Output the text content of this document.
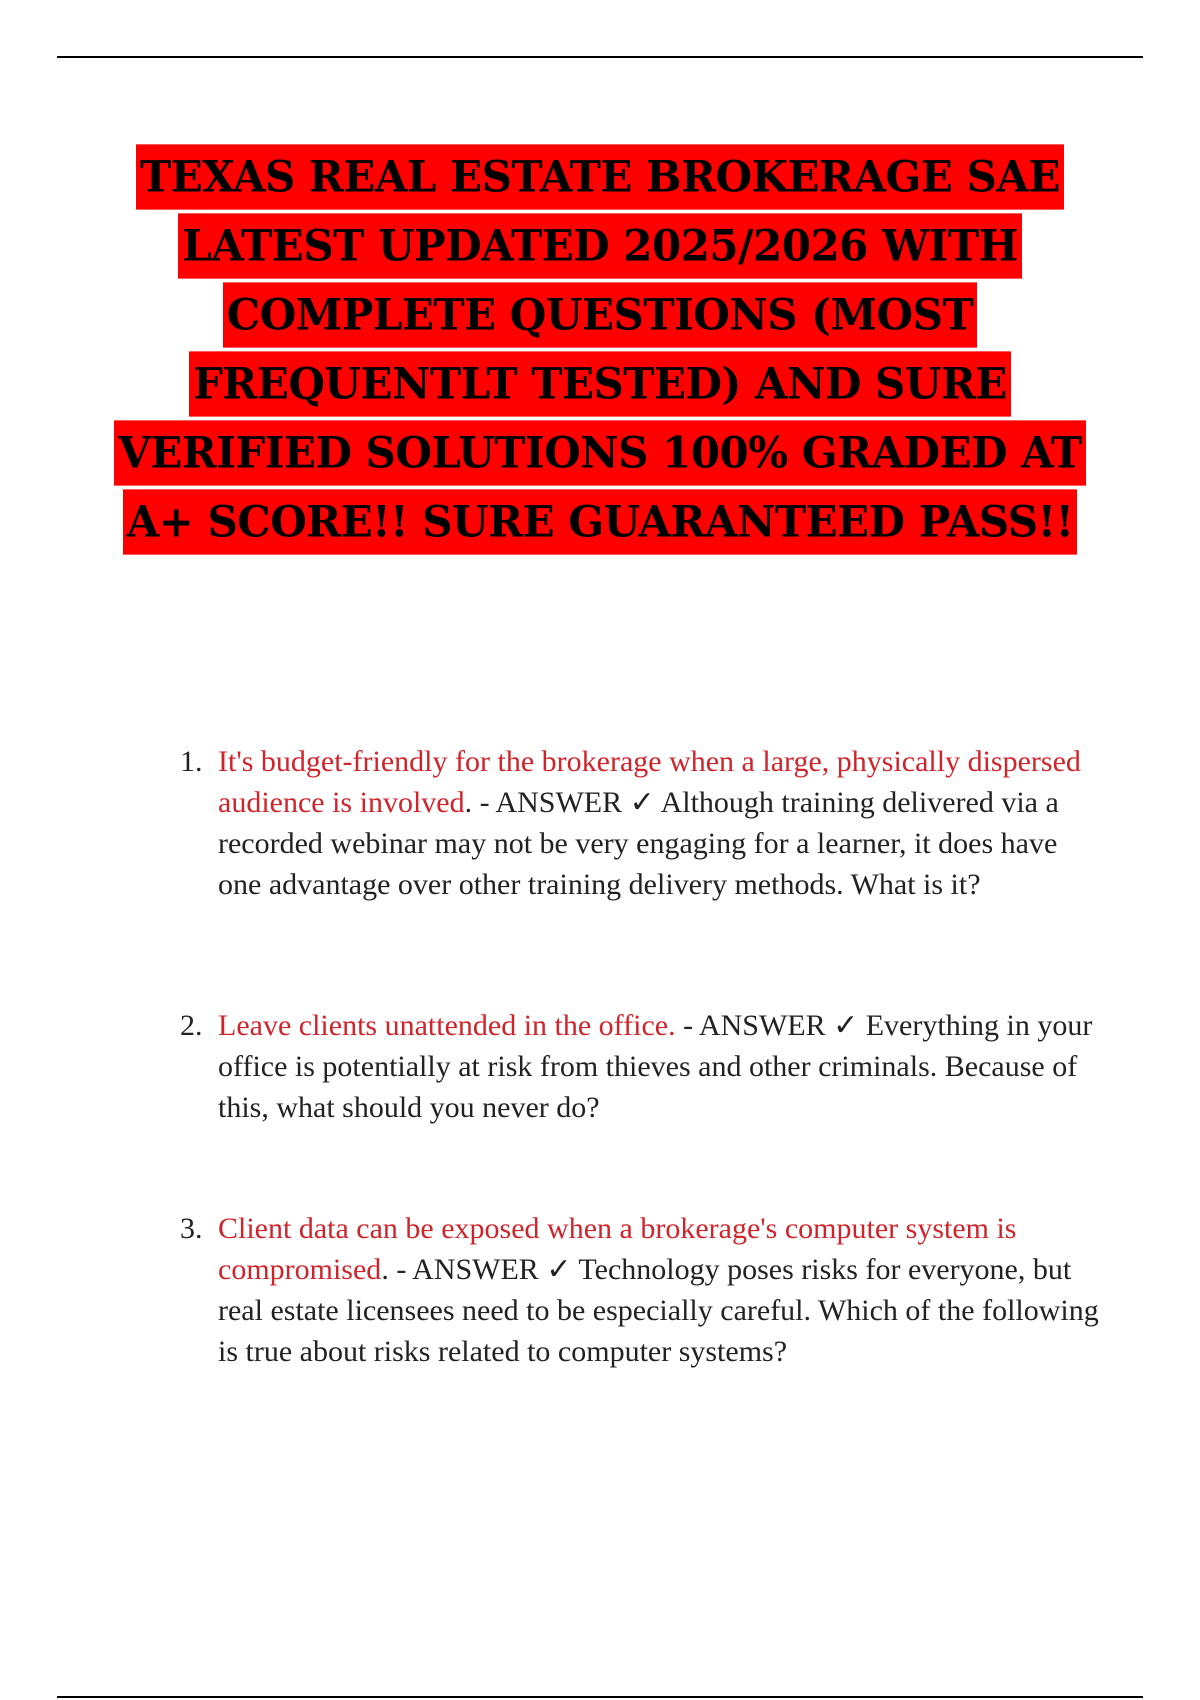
TEXAS REAL ESTATE BROKERAGE SAE
LATEST UPDATED 2025/2026 WITH
COMPLETE QUESTIONS (MOST
FREQUENTLT TESTED) AND SURE
VERIFIED SOLUTIONS 100% GRADED AT
A+ SCORE!! SURE GUARANTEED PASS!!
1. It's budget-friendly for the brokerage when a large, physically dispersed audience is involved. - ANSWER ✓ Although training delivered via a recorded webinar may not be very engaging for a learner, it does have one advantage over other training delivery methods. What is it?
2. Leave clients unattended in the office. - ANSWER ✓ Everything in your office is potentially at risk from thieves and other criminals. Because of this, what should you never do?
3. Client data can be exposed when a brokerage's computer system is compromised. - ANSWER ✓ Technology poses risks for everyone, but real estate licensees need to be especially careful. Which of the following is true about risks related to computer systems?
